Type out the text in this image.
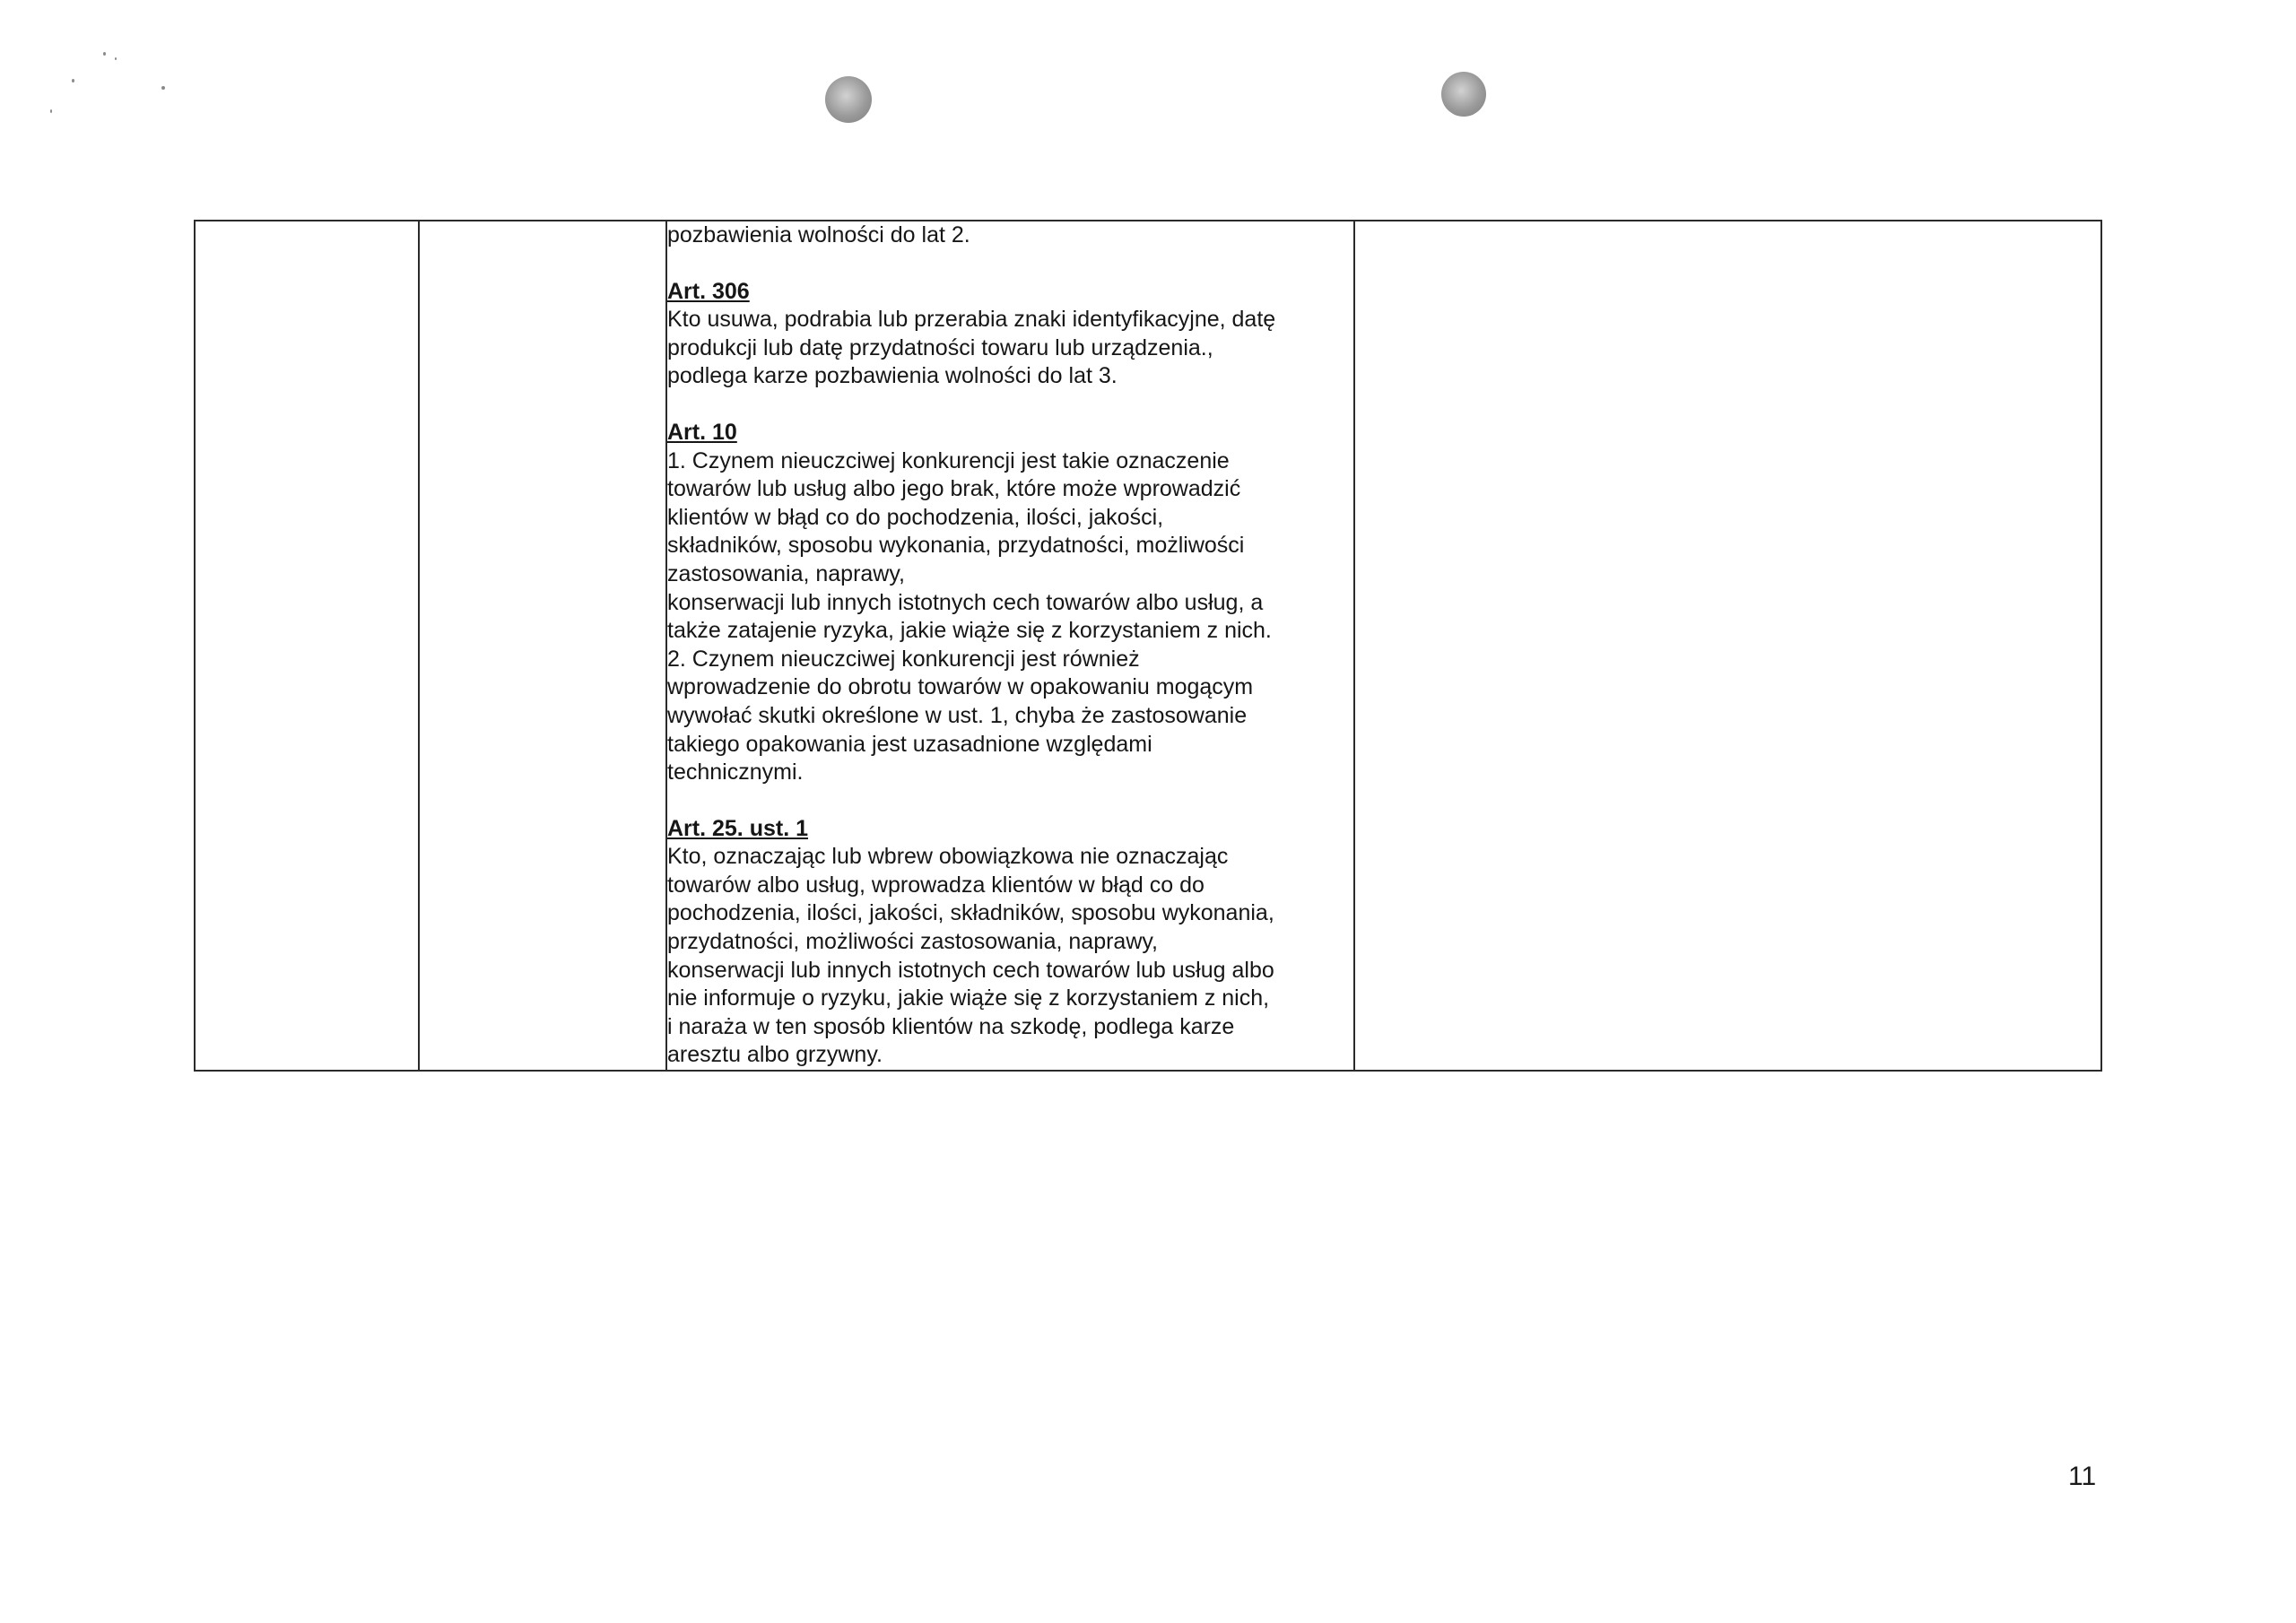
pozbawienia wolności do lat 2.

Art. 306

Kto usuwa, podrabia lub przerabia znaki identyfikacyjne, datę
produkcji lub datę przydatności towaru lub urządzenia.,
podlega karze pozbawienia wolności do lat 3.

Art. 10

1. Czynem nieuczciwej konkurencji jest takie oznaczenie
towarów lub usług albo jego brak, które może wprowadzić
klientów w błąd co do pochodzenia, ilości, jakości,
składników, sposobu wykonania, przydatności, możliwości
zastosowania, naprawy,
konserwacji lub innych istotnych cech towarów albo usług, a
także zatajenie ryzyka, jakie wiąże się z korzystaniem z nich.
2. Czynem nieuczciwej konkurencji jest również
wprowadzenie do obrotu towarów w opakowaniu mogącym
wywołać skutki określone w ust. 1, chyba że zastosowanie
takiego opakowania jest uzasadnione względami
technicznymi.

Art. 25. ust. 1

Kto, oznaczając lub wbrew obowiązkowa nie oznaczając
towarów albo usług, wprowadza klientów w błąd co do
pochodzenia, ilości, jakości, składników, sposobu wykonania,
przydatności, możliwości zastosowania, naprawy,
konserwacji lub innych istotnych cech towarów lub usług albo
nie informuje o ryzyku, jakie wiąże się z korzystaniem z nich,
i naraża w ten sposób klientów na szkodę, podlega karze
aresztu albo grzywny.

11
